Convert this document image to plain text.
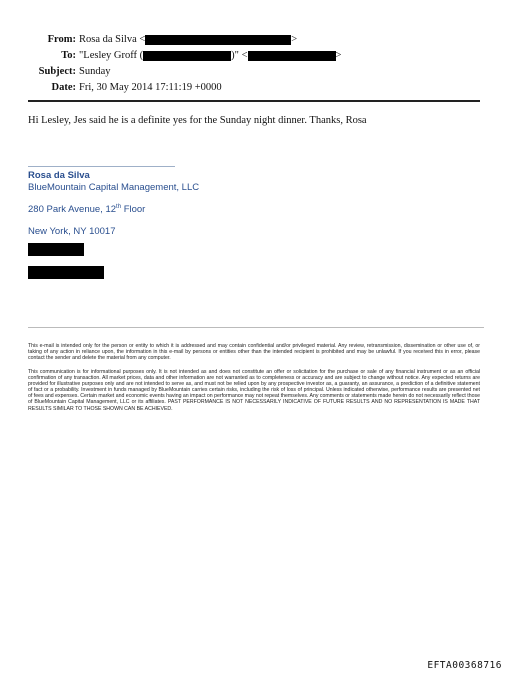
From: Rosa da Silva <	>
To: "Lesley Groff (	)" <	>
Subject: Sunday
Date: Fri, 30 May 2014 17:11:19 +0000
Hi Lesley, Jes said he is a definite yes for the Sunday night dinner. Thanks, Rosa
Rosa da Silva
BlueMountain Capital Management, LLC
280 Park Avenue, 12th Floor
New York, NY 10017
This e-mail is intended only for the person or entity to which it is addressed and may contain confidential and/or privileged material. Any review, retransmission, dissemination or other use of, or taking of any action in reliance upon, the information in this e-mail by persons or entities other than the intended recipient is prohibited and may be unlawful. If you received this in error, please contact the sender and delete the material from any computer.
This communication is for informational purposes only. It is not intended as and does not constitute an offer or solicitation for the purchase or sale of any financial instrument or as an official confirmation of any transaction. All market prices, data and other information are not warranted as to completeness or accuracy and are subject to change without notice. Any expected returns are provided for illustrative purposes only and are not intended to serve as, and must not be relied upon by any prospective investor as, a guaranty, an assurance, a prediction of a definitive statement of fact or a probability. Investment in funds managed by BlueMountain carries certain risks, including the risk of loss of principal. Unless indicated otherwise, performance results are presented net of fees and expenses. Certain market and economic events having an impact on performance may not repeat themselves. Any comments or statements made herein do not necessarily reflect those of BlueMountain Capital Management, LLC or its affiliates. PAST PERFORMANCE IS NOT NECESSARILY INDICATIVE OF FUTURE RESULTS AND NO REPRESENTATION IS MADE THAT RESULTS SIMILAR TO THOSE SHOWN CAN BE ACHIEVED.
EFTA00368716
